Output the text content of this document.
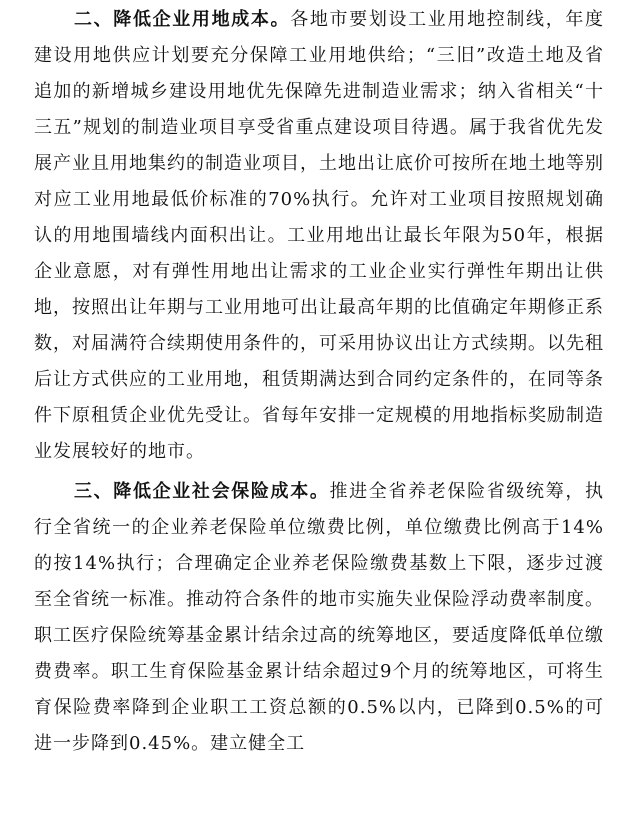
二、降低企业用地成本。各地市要划设工业用地控制线，年度建设用地供应计划要充分保障工业用地供给；“三旧”改造土地及省追加的新增城乡建设用地优先保障先进制造业需求；纳入省相关“十三五”规划的制造业项目享受省重点建设项目待遇。属于我省优先发展产业且用地集约的制造业项目，土地出让底价可按所在地土地等别对应工业用地最低价标准的70%执行。允许对工业项目按照规划确认的用地围墙线内面积出让。工业用地出让最长年限为50年，根据企业意愿，对有弹性用地出让需求的工业企业实行弹性年期出让供地，按照出让年期与工业用地可出让最高年期的比值确定年期修正系数，对届满符合续期使用条件的，可采用协议出让方式续期。以先租后让方式供应的工业用地，租赁期满达到合同约定条件的，在同等条件下原租赁企业优先受让。省每年安排一定规模的用地指标奖励制造业发展较好的地市。

三、降低企业社会保险成本。推进全省养老保险省级统筹，执行全省统一的企业养老保险单位缴费比例，单位缴费比例高于14%的按14%执行；合理确定企业养老保险缴费基数上下限，逐步过渡至全省统一标准。推动符合条件的地市实施失业保险浮动费率制度。职工医疗保险统筹基金累计结余过高的统筹地区，要适度降低单位缴费费率。职工生育保险基金累计结余超过9个月的统筹地区，可将生育保险费率降到企业职工工资总额的0.5%以内，已降到0.5%的可进一步降到0.45%。建立健全工
